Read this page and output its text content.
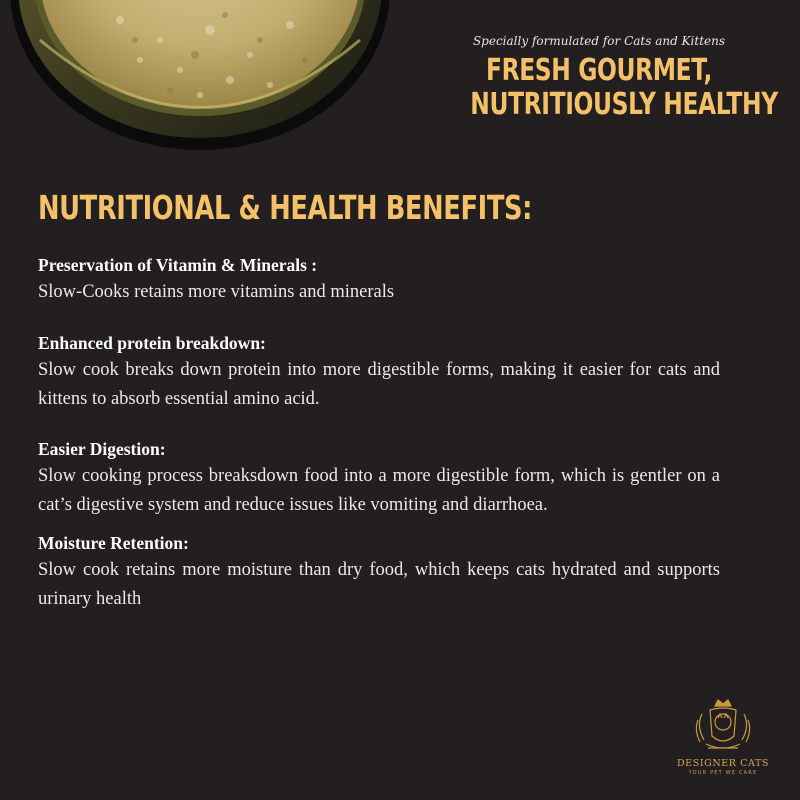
Specially formulated for Cats and Kittens

FRESH GOURMET,

NUTRITIOUSLY HEALTHY

NUTRITIONAL & HEALTH BENEFITS:

Preservation of Vitamin & Minerals :

Slow-Cooks retains more vitamins and minerals

Enhanced protein breakdown:

Slow cook breaks down protein into more digestible forms, making it easier for cats and kittens to absorb essential amino acid.

Easier Digestion:

Slow cooking process breaksdown food into a more digestible form, which is gentler on a cat’s digestive system and reduce issues like vomiting and diarrhoea.

Moisture Retention:

Slow cook retains more moisture than dry food, which keeps cats hydrated and supports urinary health

DESIGNER CATS
YOUR PET WE CARE
